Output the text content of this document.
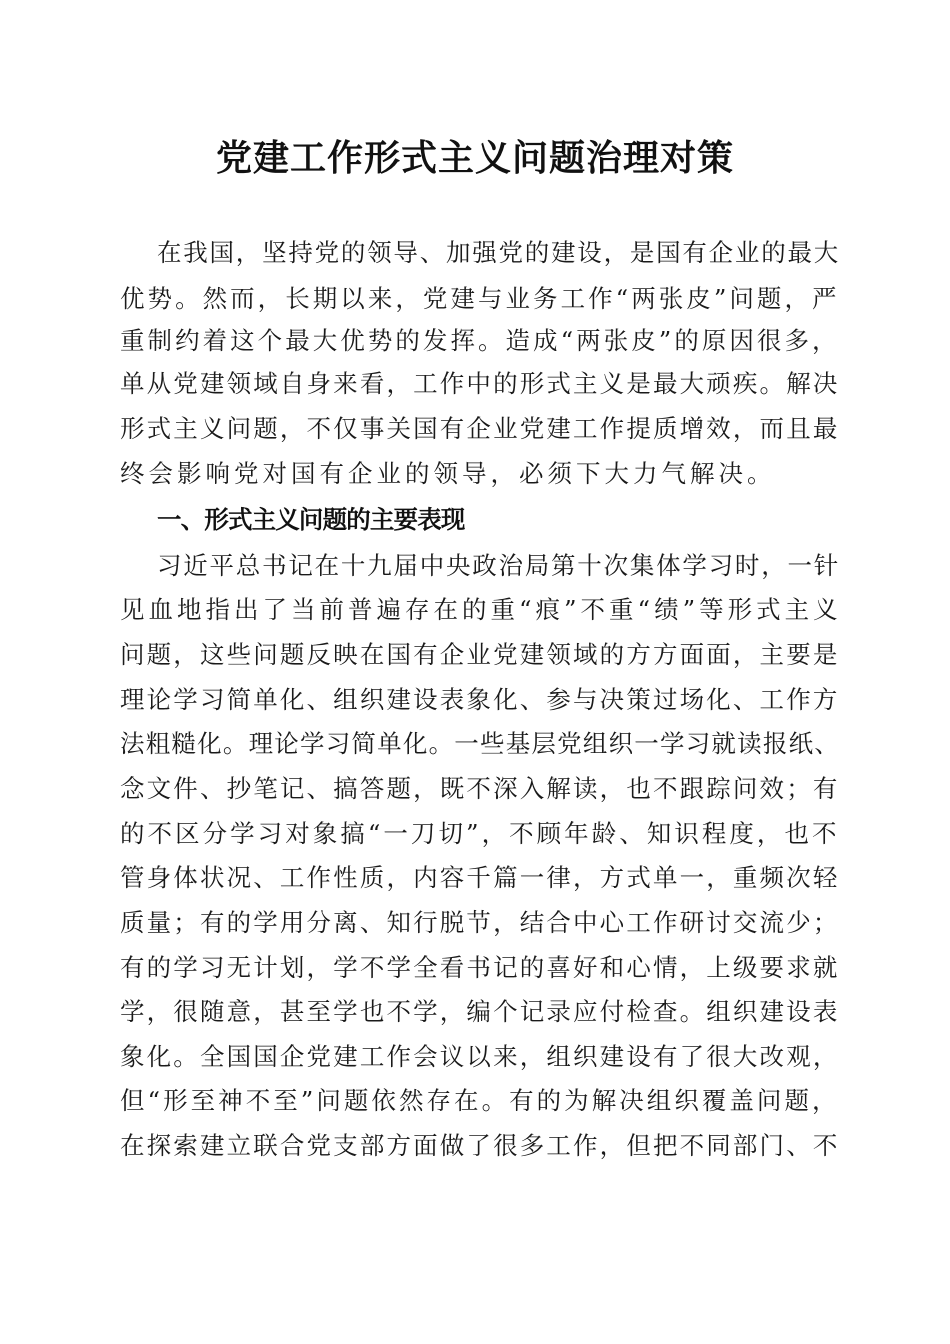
党建工作形式主义问题治理对策
在我国，坚持党的领导、加强党的建设，是国有企业的最大
优势。然而，长期以来，党建与业务工作“两张皮”问题，严
重制约着这个最大优势的发挥。造成“两张皮”的原因很多，
单从党建领域自身来看，工作中的形式主义是最大顽疾。解决
形式主义问题，不仅事关国有企业党建工作提质增效，而且最
终会影响党对国有企业的领导，必须下大力气解决。
一、形式主义问题的主要表现
习近平总书记在十九届中央政治局第十次集体学习时，一针
见血地指出了当前普遍存在的重“痕”不重“绩”等形式主义
问题，这些问题反映在国有企业党建领域的方方面面，主要是
理论学习简单化、组织建设表象化、参与决策过场化、工作方
法粗糙化。理论学习简单化。一些基层党组织一学习就读报纸、
念文件、抄笔记、搞答题，既不深入解读，也不跟踪问效；有
的不区分学习对象搞“一刀切”，不顾年龄、知识程度，也不
管身体状况、工作性质，内容千篇一律，方式单一，重频次轻
质量；有的学用分离、知行脱节，结合中心工作研讨交流少；
有的学习无计划，学不学全看书记的喜好和心情，上级要求就
学，很随意，甚至学也不学，编个记录应付检查。组织建设表
象化。全国国企党建工作会议以来，组织建设有了很大改观，
但“形至神不至”问题依然存在。有的为解决组织覆盖问题，
在探索建立联合党支部方面做了很多工作，但把不同部门、不
